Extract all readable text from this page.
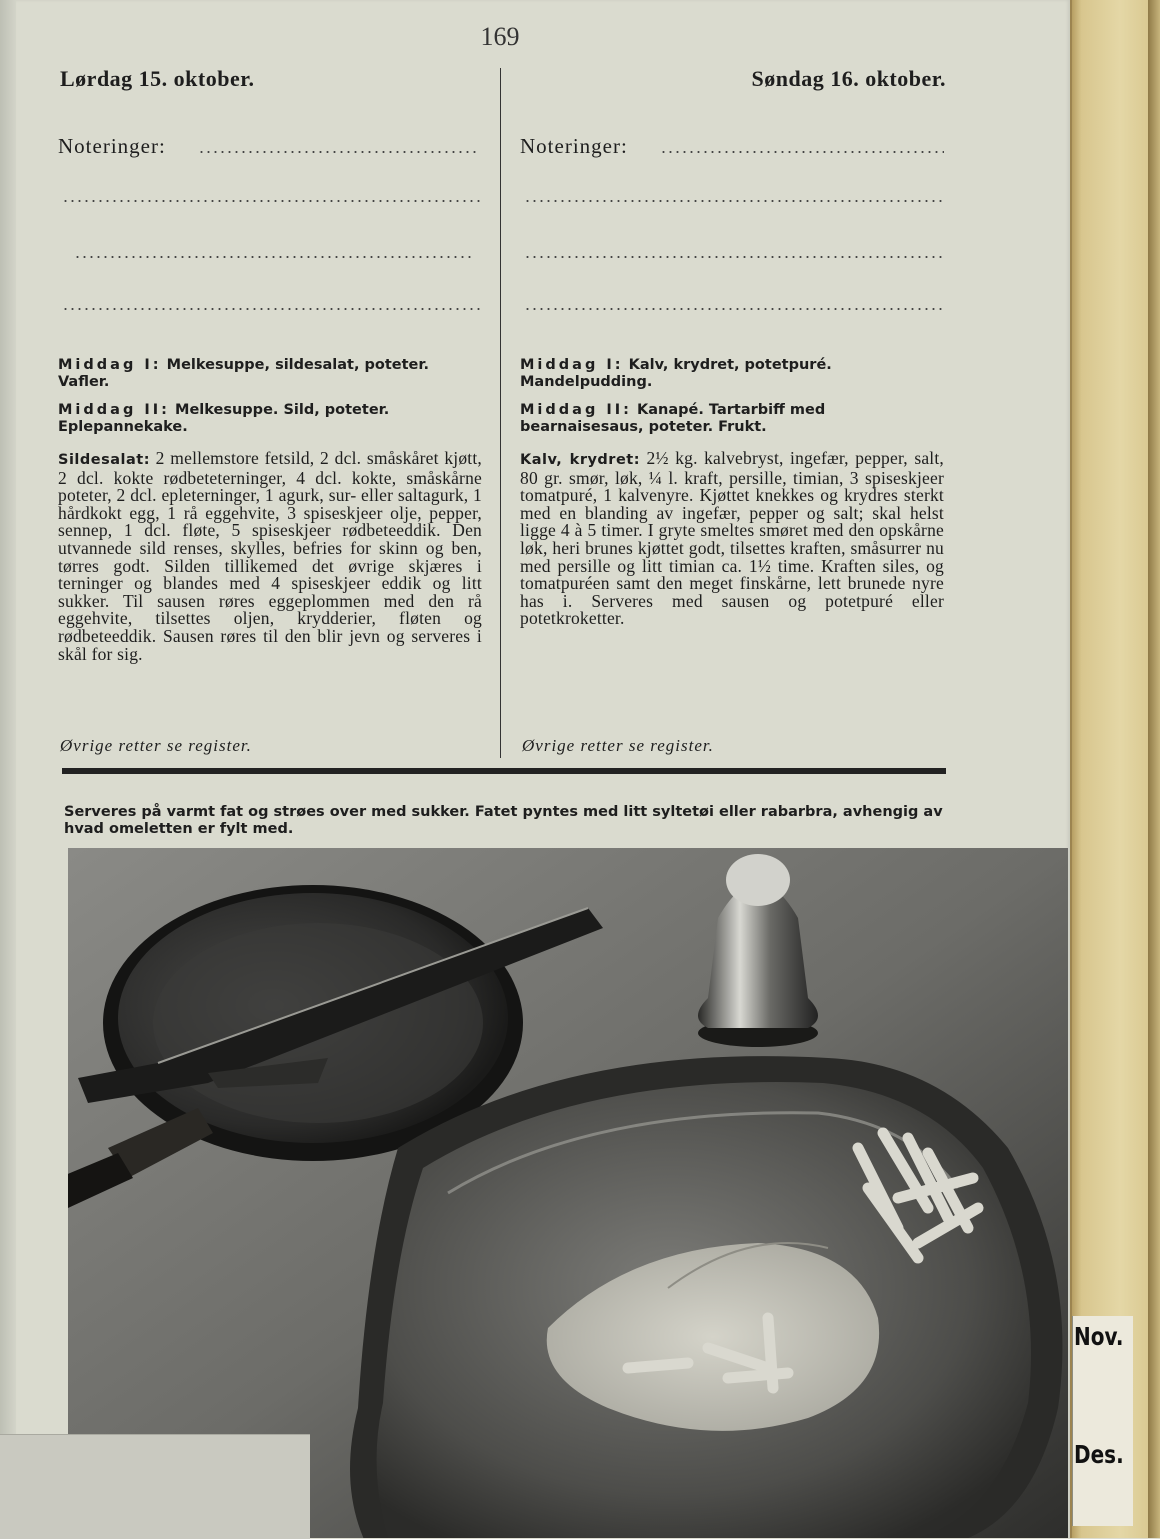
Nov.
Des.
169
Lørdag 15. oktober.
Noteringer:
Middag I: Melkesuppe, sildesalat, poteter. Vafler.
Middag II: Melkesuppe. Sild, poteter. Eplepannekake.
Sildesalat: 2 mellemstore fetsild, 2 dcl. småskåret kjøtt, 2 dcl. kokte rødbeteterninger, 4 dcl. kokte, småskårne poteter, 2 dcl. epleterninger, 1 agurk, sur- eller saltagurk, 1 hårdkokt egg, 1 rå eggehvite, 3 spiseskjeer olje, pepper, sennep, 1 dcl. fløte, 5 spiseskjeer rødbeteeddik. Den utvannede sild renses, skylles, befries for skinn og ben, tørres godt. Silden tillikemed det øvrige skjæres i terninger og blandes med 4 spiseskjeer eddik og litt sukker. Til sausen røres eggeplommen med den rå eggehvite, tilsettes oljen, krydderier, fløten og rødbeteeddik. Sausen røres til den blir jevn og serveres i skål for sig.
Øvrige retter se register.
Søndag 16. oktober.
Noteringer:
Middag I: Kalv, krydret, potetpuré. Mandelpudding.
Middag II: Kanapé. Tartarbiff med bearnaisesaus, poteter. Frukt.
Kalv, krydret: 2½ kg. kalvebryst, ingefær, pepper, salt, 80 gr. smør, løk, ¼ l. kraft, persille, timian, 3 spiseskjeer tomatpuré, 1 kalvenyre. Kjøttet knekkes og krydres sterkt med en blanding av ingefær, pepper og salt; skal helst ligge 4 à 5 timer. I gryte smeltes smøret med den opskårne løk, heri brunes kjøttet godt, tilsettes kraften, småsurrer nu med persille og litt timian ca. 1½ time. Kraften siles, og tomatpuréen samt den meget finskårne, lett brunede nyre has i. Serveres med sausen og potetpuré eller potetkroketter.
Øvrige retter se register.
Serveres på varmt fat og strøes over med sukker. Fatet pyntes med litt syltetøi eller rabarbra, avhengig av hvad omeletten er fylt med.
